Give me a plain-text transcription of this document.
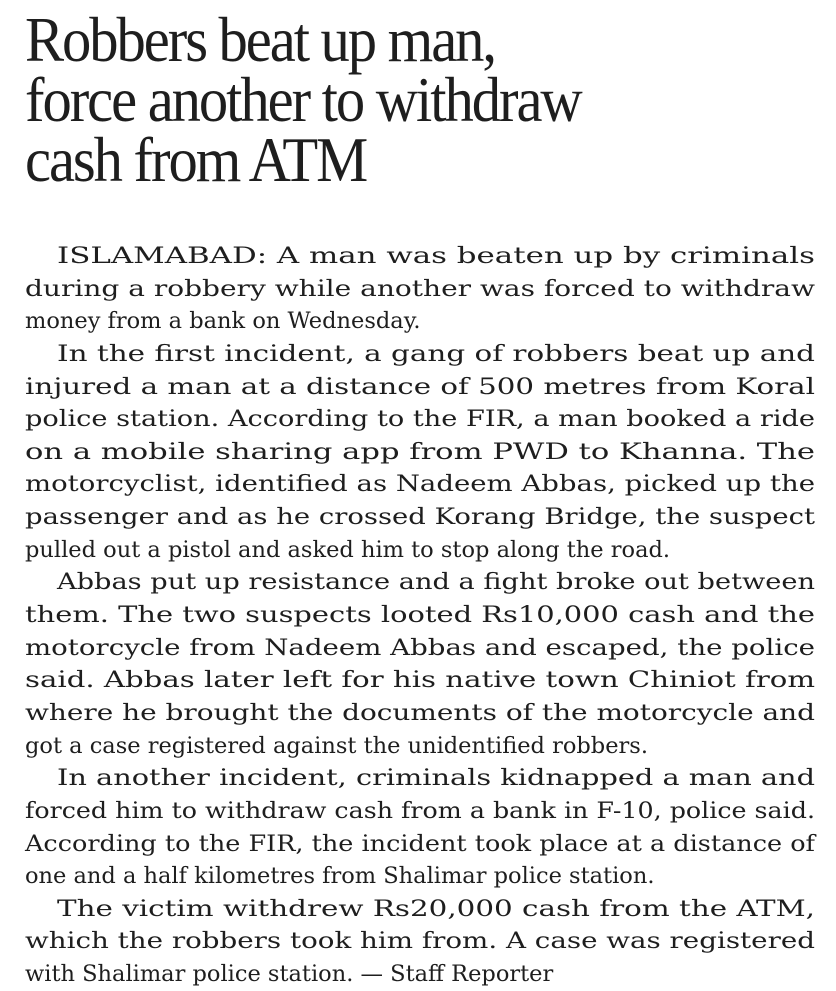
Robbers beat up man,
force another to withdraw
cash from ATM
ISLAMABAD: A man was beaten up by criminals
during a robbery while another was forced to withdraw
money from a bank on Wednesday.
In the first incident, a gang of robbers beat up and
injured a man at a distance of 500 metres from Koral
police station. According to the FIR, a man booked a ride
on a mobile sharing app from PWD to Khanna. The
motorcyclist, identified as Nadeem Abbas, picked up the
passenger and as he crossed Korang Bridge, the suspect
pulled out a pistol and asked him to stop along the road.
Abbas put up resistance and a fight broke out between
them. The two suspects looted Rs10,000 cash and the
motorcycle from Nadeem Abbas and escaped, the police
said. Abbas later left for his native town Chiniot from
where he brought the documents of the motorcycle and
got a case registered against the unidentified robbers.
In another incident, criminals kidnapped a man and
forced him to withdraw cash from a bank in F-10, police said.
According to the FIR, the incident took place at a distance of
one and a half kilometres from Shalimar police station.
The victim withdrew Rs20,000 cash from the ATM,
which the robbers took him from. A case was registered
with Shalimar police station. — Staff Reporter
